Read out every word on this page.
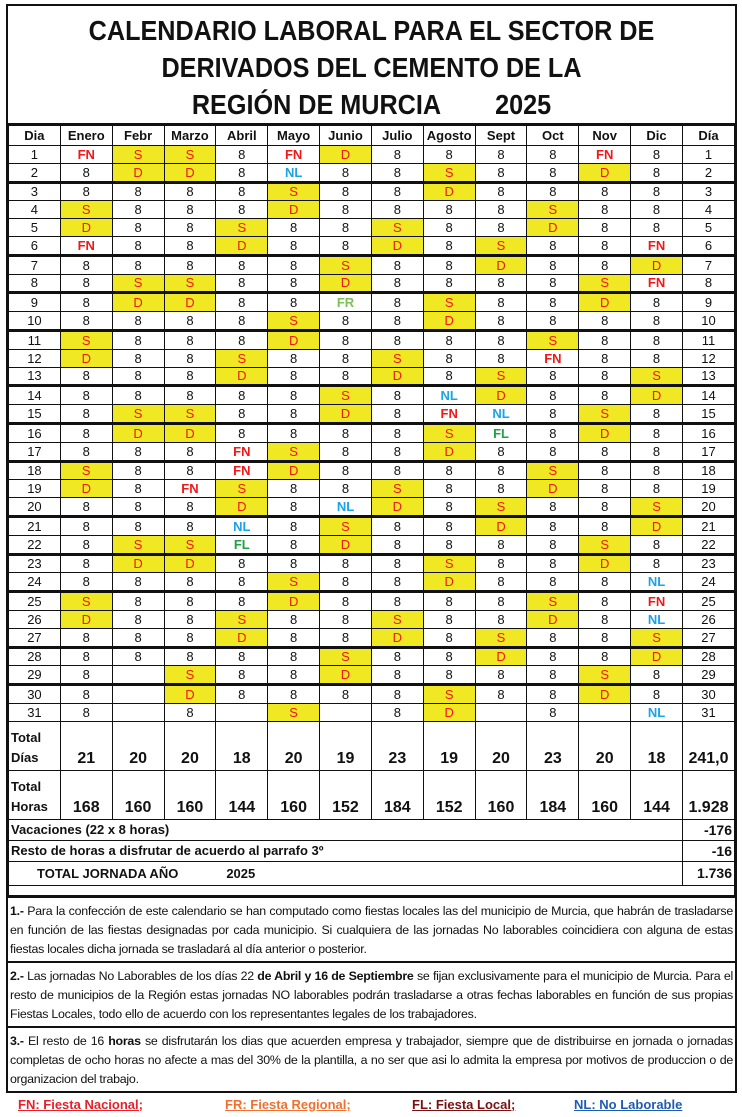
CALENDARIO LABORAL PARA EL SECTOR DE
DERIVADOS DEL CEMENTO DE LA
REGIÓN DE MURCIA 2025
Dia	Enero	Febr	Marzo	Abril	Mayo	Junio	Julio	Agosto	Sept	Oct	Nov	Dic	Día
1	FN	S	S	8	FN	D	8	8	8	8	FN	8	1
2	8	D	D	8	NL	8	8	S	8	8	D	8	2
3	8	8	8	8	S	8	8	D	8	8	8	8	3
4	S	8	8	8	D	8	8	8	8	S	8	8	4
5	D	8	8	S	8	8	S	8	8	D	8	8	5
6	FN	8	8	D	8	8	D	8	S	8	8	FN	6
7	8	8	8	8	8	S	8	8	D	8	8	D	7
8	8	S	S	8	8	D	8	8	8	8	S	FN	8
9	8	D	D	8	8	FR	8	S	8	8	D	8	9
10	8	8	8	8	S	8	8	D	8	8	8	8	10
11	S	8	8	8	D	8	8	8	8	S	8	8	11
12	D	8	8	S	8	8	S	8	8	FN	8	8	12
13	8	8	8	D	8	8	D	8	S	8	8	S	13
14	8	8	8	8	8	S	8	NL	D	8	8	D	14
15	8	S	S	8	8	D	8	FN	NL	8	S	8	15
16	8	D	D	8	8	8	8	S	FL	8	D	8	16
17	8	8	8	FN	S	8	8	D	8	8	8	8	17
18	S	8	8	FN	D	8	8	8	8	S	8	8	18
19	D	8	FN	S	8	8	S	8	8	D	8	8	19
20	8	8	8	D	8	NL	D	8	S	8	8	S	20
21	8	8	8	NL	8	S	8	8	D	8	8	D	21
22	8	S	S	FL	8	D	8	8	8	8	S	8	22
23	8	D	D	8	8	8	8	S	8	8	D	8	23
24	8	8	8	8	S	8	8	D	8	8	8	NL	24
25	S	8	8	8	D	8	8	8	8	S	8	FN	25
26	D	8	8	S	8	8	S	8	8	D	8	NL	26
27	8	8	8	D	8	8	D	8	S	8	8	S	27
28	8	8	8	8	8	S	8	8	D	8	8	D	28
29	8		S	8	8	D	8	8	8	8	S	8	29
30	8		D	8	8	8	8	S	8	8	D	8	30
31	8		8		S		8	D		8		NL	31
Total
Días	21	20	20	18	20	19	23	19	20	23	20	18	241,0
Total
Horas	168	160	160	144	160	152	184	152	160	184	160	144	1.928
Vacaciones (22 x 8 horas)													-176
Resto de horas a disfrutar de acuerdo al parrafo 3º													-16
TOTAL JORNADA AÑO 2025													1.736

1.- Para la confección de este calendario se han computado como fiestas locales las del municipio de Murcia, que habrán de trasladarse en función de las fiestas designadas por cada municipio. Si cualquiera de las jornadas No laborables coincidiera con alguna de estas fiestas locales dicha jornada se trasladará al día anterior o posterior.
2.- Las jornadas No Laborables de los días 22 de Abril y 16 de Septiembre se fijan exclusivamente para el municipio de Murcia. Para el resto de municipios de la Región estas jornadas NO laborables podrán trasladarse a otras fechas laborables en función de sus propias Fiestas Locales, todo ello de acuerdo con los representantes legales de los trabajadores.
3.- El resto de 16 horas se disfrutarán los dias que acuerden empresa y trabajador, siempre que de distribuirse en jornada o jornadas completas de ocho horas no afecte a mas del 30% de la plantilla, a no ser que asi lo admita la empresa por motivos de produccion o de organizacion del trabajo.
FN: Fiesta Nacional;	FR: Fiesta Regional;	FL: Fiesta Local;	NL: No Laborable
